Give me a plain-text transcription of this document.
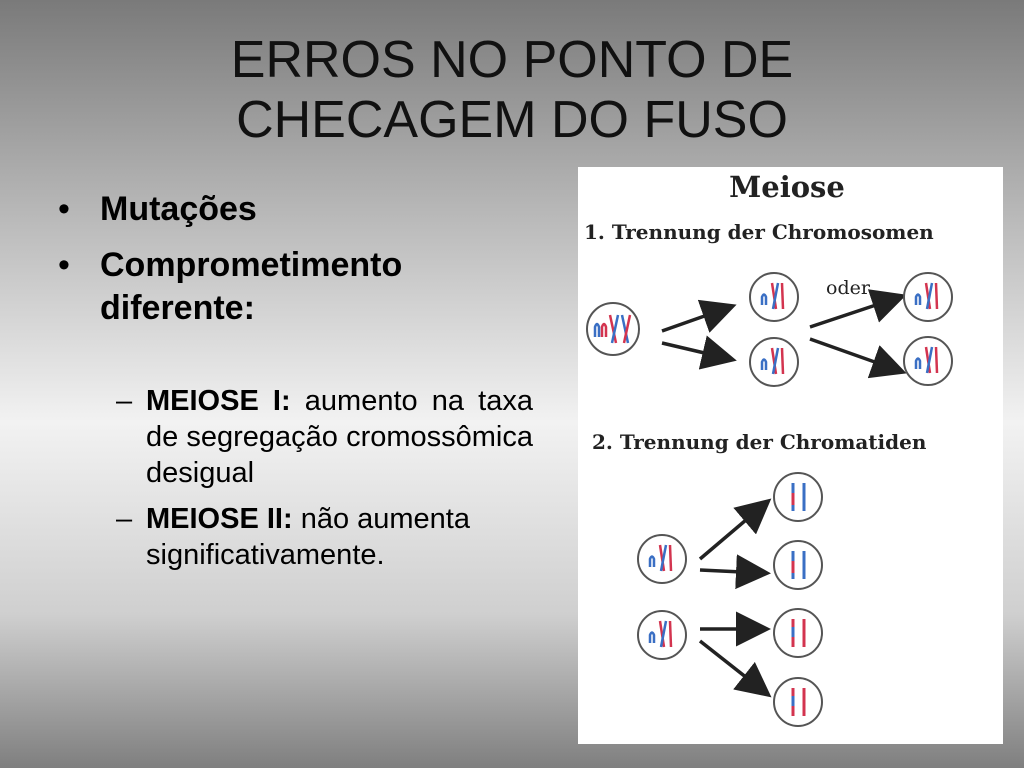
ERROS NO PONTO DE
CHECAGEM DO FUSO
• Mutações
• Comprometimento diferente:
– MEIOSE I: aumento na taxa de segregação cromossômica desigual
– MEIOSE II: não aumenta significativamente.
Meiose
1. Trennung der Chromosomen
oder
2. Trennung der Chromatiden
